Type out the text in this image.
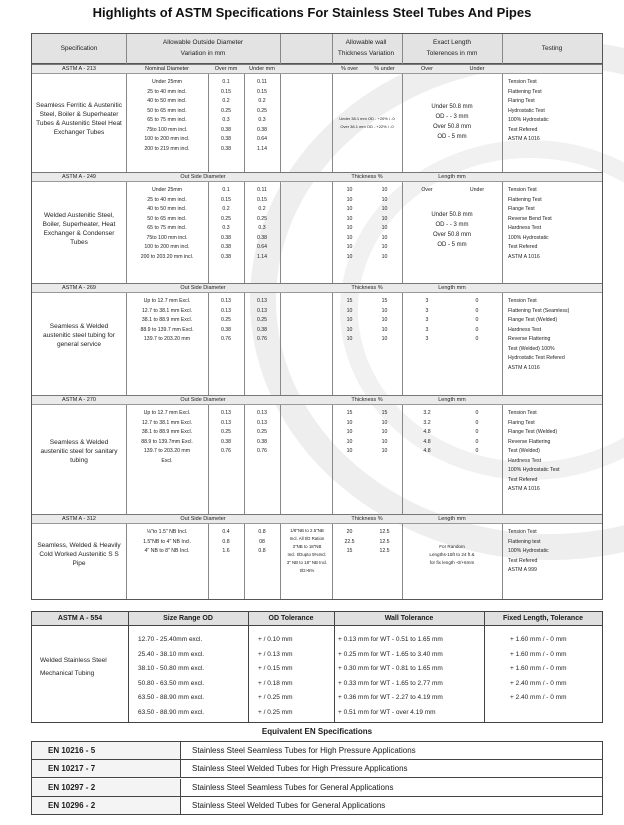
Highlights of ASTM Specifications For Stainless Steel Tubes And Pipes
Specification
Allowable Outside Diameter
Variation in mm
Allowable wall
Thickness Variation
Exact Length
Tolerences in mm
Testing
ASTM A - 213	Nominal Diameter	Over mm	Under mm	% over	% under	Over	Under
Seamless Ferritic & Austenitic Steel, Boiler & Superheater Tubes & Austenitic Steel Heat Exchanger Tubes
Under 25mm	0.1	0.11
25 to 40 mm incl.	0.15	0.15
40 to 50 mm incl.	0.2	0.2
50 to 65 mm incl.	0.25	0.25
65 to 75 mm incl.	0.3	0.3
75to 100 mm incl.	0.38	0.38
100 to 200 mm incl.	0.38	0.64
200 to 219 mm incl.	0.38	1.14
Under 38.1 mm OD - +20% / -0
Over 38.1 mm OD - +22% / -0
Under 50.8 mm
OD - - 3 mm
Over 50.8 mm
OD - 5 mm
Tension Test
Flattening Test
Flaring Test
Hydrostatic Test
100% Hydrostatic
Test Refered
ASTM A 1016
ASTM A - 249	Out Side Diameter	Thickness %	Length mm
Welded Austenitic Steel, Boiler, Superheater, Heat Exchanger & Condenser Tubes
Under 25mm	0.1	0.11	10	10
25 to 40 mm incl.	0.15	0.15	10	10
40 to 50 mm incl.	0.2	0.2	10	10
50 to 65 mm incl.	0.25	0.25	10	10
65 to 75 mm incl.	0.3	0.3	10	10
75to 100 mm incl.	0.38	0.38	10	10
100 to 200 mm incl.	0.38	0.64	10	10
200 to 203.20 mm incl.	0.38	1.14	10	10
Over	Under
Under 50.8 mm
OD - - 3 mm
Over 50.8 mm
OD - 5 mm
Tension Test
Flattening Test
Flange Test
Reverse Bend Test
Hardness Test
100% Hydrostatic
Test Refered
ASTM A 1016
ASTM A - 269	Out Side Diameter	Thickness %	Length mm
Seamless & Welded austenitic steel tubing for general service
Up to 12.7 mm Excl.	0.13	0.13	15	15	3	0
12.7 to 38.1 mm Excl.	0.13	0.13	10	10	3	0
38.1 to 88.9 mm Excl.	0.25	0.25	10	10	3	0
88.9 to 139.7 mm Excl.	0.38	0.38	10	10	3	0
139.7 to 203.20 mm	0.76	0.76	10	10	3	0
Tension Test
Flattening Test (Seamless)
Flange Test (Welded)
Hardness Test
Reverse Flattering
Test (Welded) 100%
Hydrostatic Test Refered
ASTM A 1016
ASTM A - 270	Out Side Diameter	Thickness %	Length mm
Seamless & Welded austenitic steel for sanitary tubing
Up to 12.7 mm Excl.	0.13	0.13	15	15	3.2	0
12.7 to 38.1 mm Excl.	0.13	0.13	10	10	3.2	0
38.1 to 88.9 mm Excl.	0.25	0.25	10	10	4.8	0
88.9 to 139.7mm Excl.	0.38	0.38	10	10	4.8	0
139.7 to 203.20 mm	0.76	0.76	10	10	4.8	0
Excl.
Tension Test
Flaring Test
Flange Test (Welded)
Reverse Flattering
Test (Welded)
Hardness Test
100% Hydrostatic Test
Test Refered
ASTM A 1016
ASTM A - 312	Out Side Diameter	Thickness %	Length mm
Seamless, Welded & Heavily Cold Worked Austenitic S S Pipe
⅛"to 1.5" NB Incl.	0.4	0.8
1.5"NB to 4" NB Incl.	0.8	08
4" NB to 8" NB Incl.	1.6	0.8
1/8"NB to 2.5"NB
Incl. All t/D Ration
3"NB to 18"NB
Incl. t/Dupto 5%Incl.
3" NB to 18" NB Incl.
t/D>5%
20	12.5
22.5	12.5
15	12.5
For Random
Lengths-15ft to 24 ft &
for fix length -0/+6mm
Tension Test
Flattening test
100% Hydrostatic
Test Refered
ASTM A 999
ASTM A - 554	Size Range OD	OD Tolerance	Wall Tolerance	Fixed Length, Tolerance
Welded Stainless Steel Mechanical Tubing
12.70 - 25.40mm excl.	+ / 0.10 mm	+ 0.13 mm for WT - 0.51 to 1.65 mm	+ 1.60 mm / - 0 mm
25.40 - 38.10 mm excl.	+ / 0.13 mm	+ 0.25 mm for WT - 1.65 to 3.40 mm	+ 1.60 mm / - 0 mm
38.10 - 50.80 mm excl.	+ / 0.15 mm	+ 0.30 mm for WT - 0.81 to 1.65 mm	+ 1.60 mm / - 0 mm
50.80 - 63.50 mm excl.	+ / 0.18 mm	+ 0.33 mm for WT - 1.65 to 2.77 mm	+ 2.40 mm / - 0 mm
63.50 - 88.90 mm excl.	+ / 0.25 mm	+ 0.36 mm for WT - 2.27 to 4.19 mm	+ 2.40 mm / - 0 mm
63.50 - 88.90 mm excl.	+ / 0.25 mm	+ 0.51 mm for WT - over 4.19 mm
Equivalent EN Specifications
EN 10216 - 5	Stainless Steel Seamless Tubes for High Pressure Applications
EN 10217 - 7	Stainless Steel Welded Tubes for High Pressure Applications
EN 10297 - 2	Stainless Steel Seamless Tubes for General Applications
EN 10296 - 2	Stainless Steel Welded Tubes for General Applications
